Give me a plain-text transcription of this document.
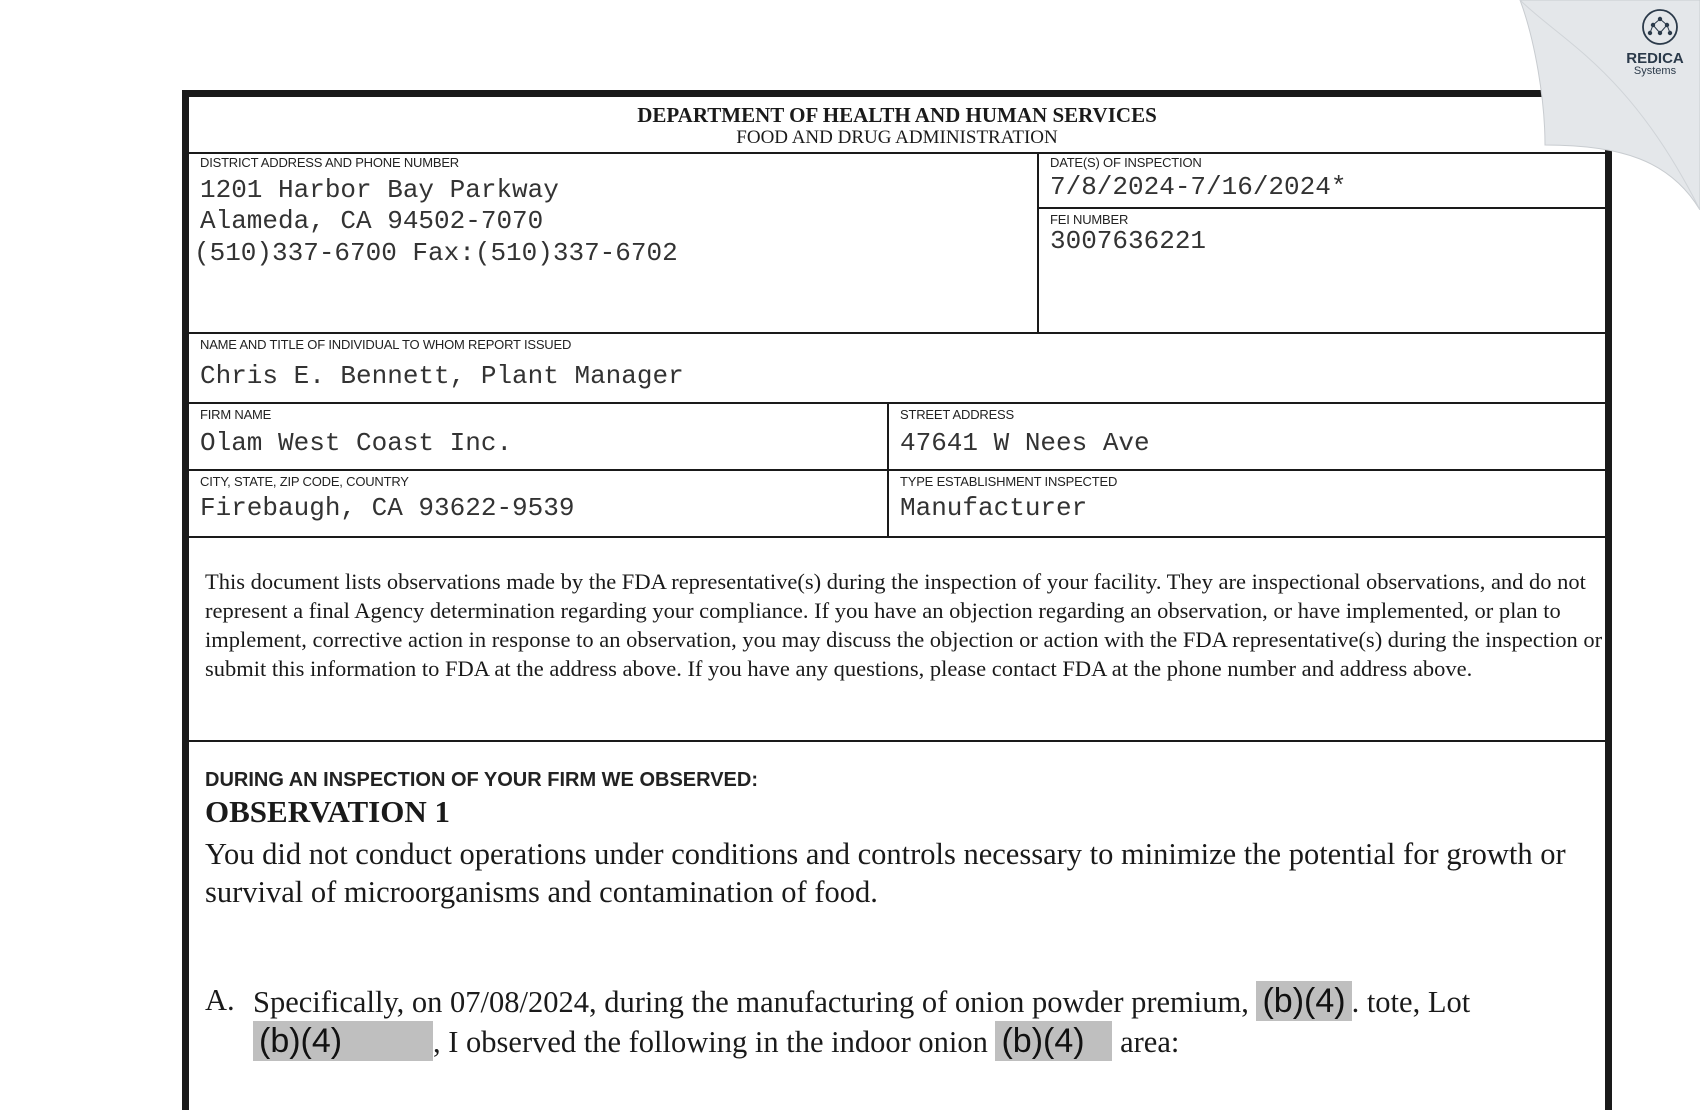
DEPARTMENT OF HEALTH AND HUMAN SERVICES
FOOD AND DRUG ADMINISTRATION
DISTRICT ADDRESS AND PHONE NUMBER
1201 Harbor Bay Parkway
Alameda, CA 94502-7070
(510)337-6700 Fax:(510)337-6702
DATE(S) OF INSPECTION
7/8/2024-7/16/2024*
FEI NUMBER
3007636221
NAME AND TITLE OF INDIVIDUAL TO WHOM REPORT ISSUED
Chris E. Bennett, Plant Manager
FIRM NAME
Olam West Coast Inc.
STREET ADDRESS
47641 W Nees Ave
CITY, STATE, ZIP CODE, COUNTRY
Firebaugh, CA 93622-9539
TYPE ESTABLISHMENT INSPECTED
Manufacturer
This document lists observations made by the FDA representative(s) during the inspection of your facility. They are inspectional observations, and do not represent a final Agency determination regarding your compliance. If you have an objection regarding an observation, or have implemented, or plan to implement, corrective action in response to an observation, you may discuss the objection or action with the FDA representative(s) during the inspection or submit this information to FDA at the address above. If you have any questions, please contact FDA at the phone number and address above.
DURING AN INSPECTION OF YOUR FIRM WE OBSERVED:
OBSERVATION 1
You did not conduct operations under conditions and controls necessary to minimize the potential for growth or survival of microorganisms and contamination of food.
A. Specifically, on 07/08/2024, during the manufacturing of onion powder premium, (b)(4) . tote, Lot (b)(4)	, I observed the following in the indoor onion (b)(4) area:
REDICA
Systems
